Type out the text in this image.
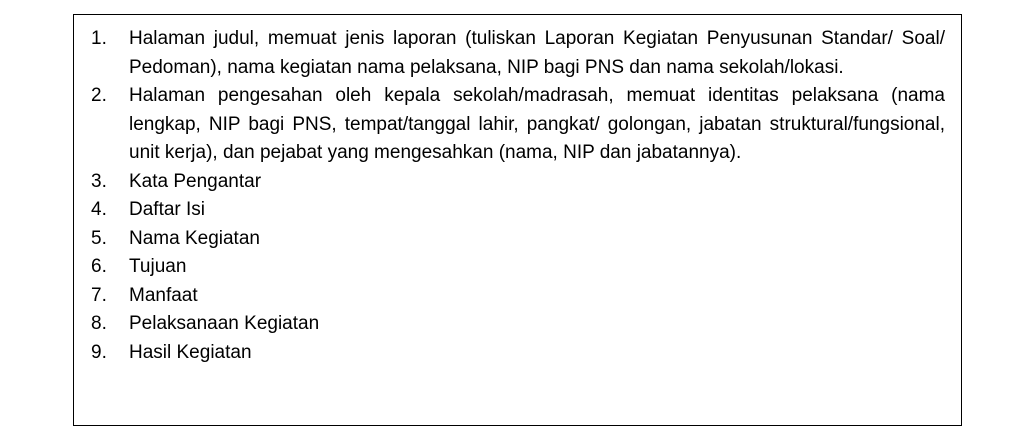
1.	Halaman judul, memuat jenis laporan (tuliskan Laporan Kegiatan Penyusunan Standar/ Soal/ Pedoman), nama kegiatan nama pelaksana, NIP bagi PNS dan nama sekolah/lokasi.
2.	Halaman pengesahan oleh kepala sekolah/madrasah, memuat identitas pelaksana (nama lengkap, NIP bagi PNS, tempat/tanggal lahir, pangkat/ golongan, jabatan struktural/fungsional, unit kerja), dan pejabat yang mengesahkan (nama, NIP dan jabatannya).
3.	Kata Pengantar
4.	Daftar Isi
5.	Nama Kegiatan
6.	Tujuan
7.	Manfaat
8.	Pelaksanaan Kegiatan
9.	Hasil Kegiatan
